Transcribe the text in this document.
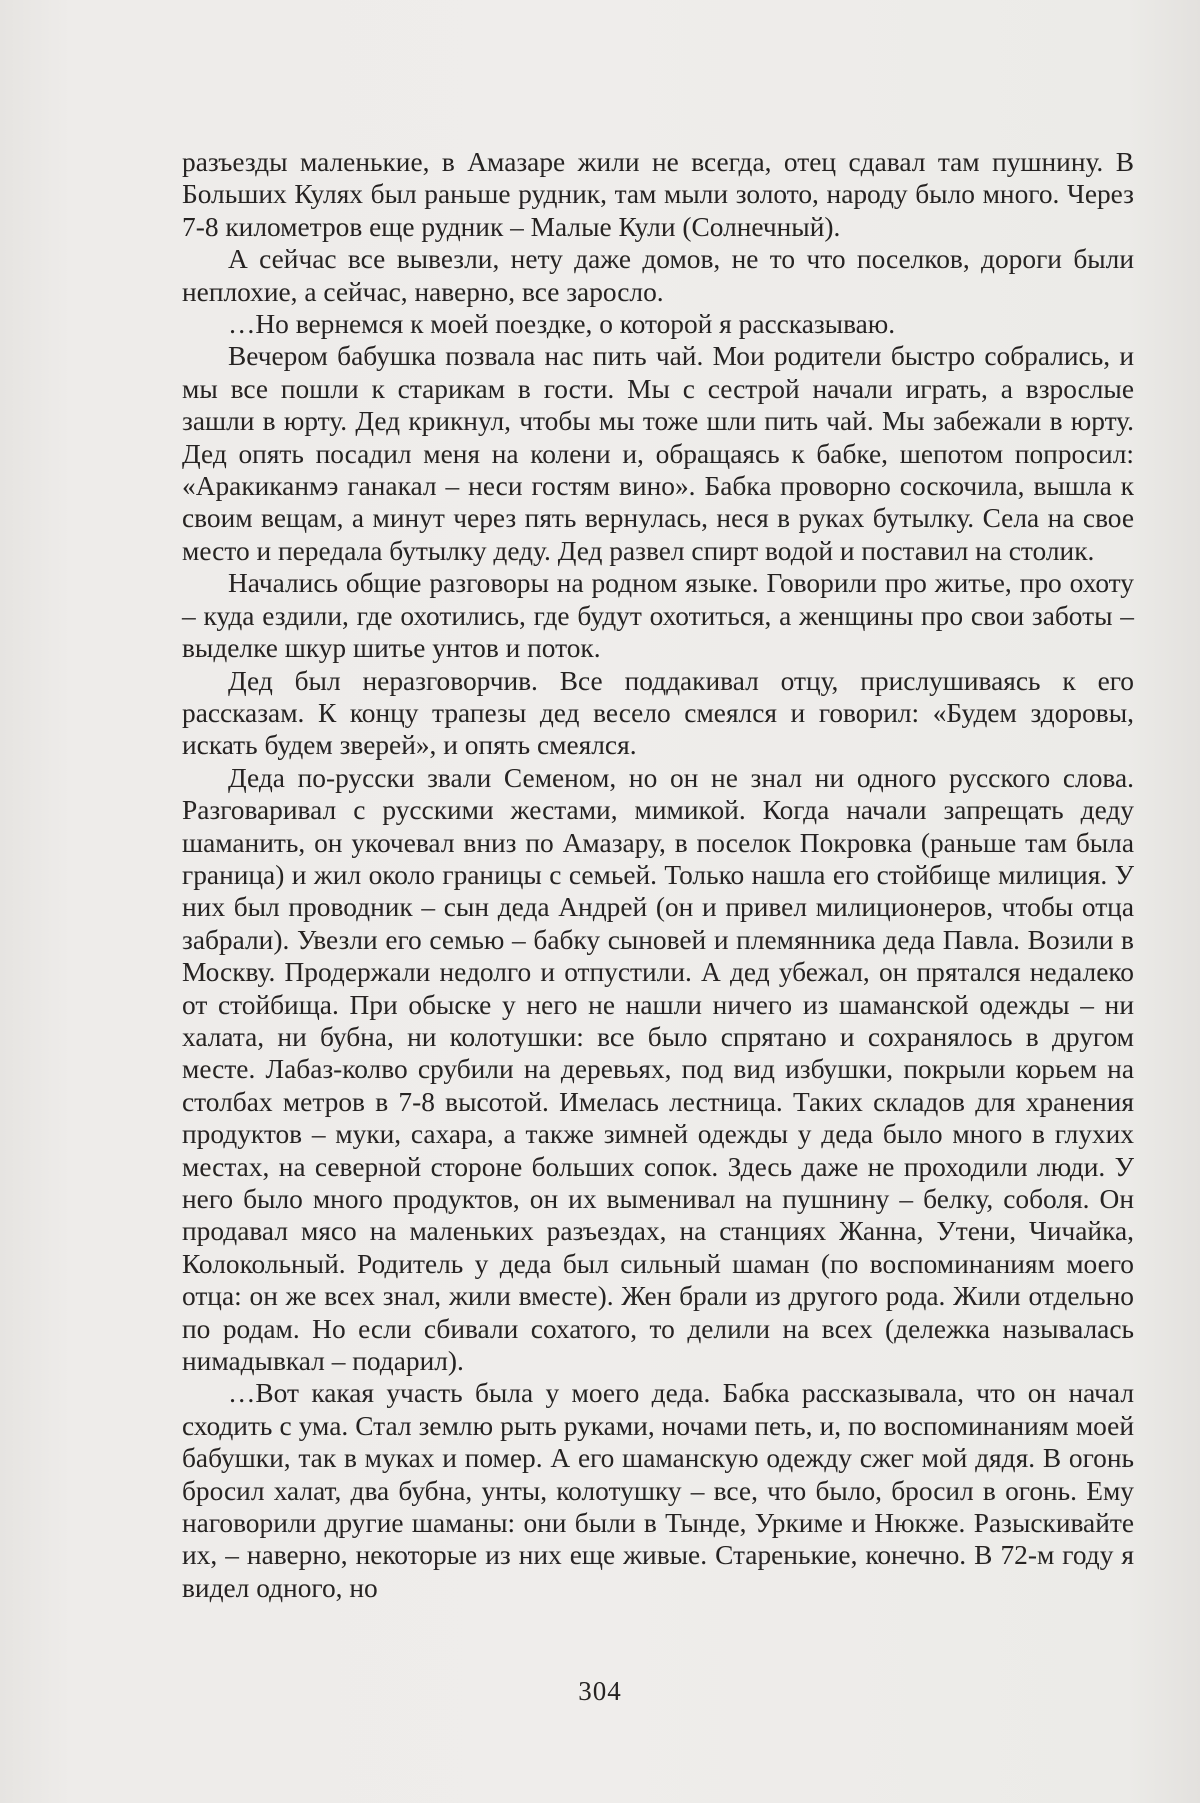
разъезды маленькие, в Амазаре жили не всегда, отец сдавал там пушнину. В Больших Кулях был раньше рудник, там мыли золото, народу было много. Через 7-8 километров еще рудник – Малые Кули (Солнечный).

А сейчас все вывезли, нету даже домов, не то что поселков, дороги были неплохие, а сейчас, наверно, все заросло.

…Но вернемся к моей поездке, о которой я рассказываю.

Вечером бабушка позвала нас пить чай. Мои родители быстро собрались, и мы все пошли к старикам в гости. Мы с сестрой начали играть, а взрослые зашли в юрту. Дед крикнул, чтобы мы тоже шли пить чай. Мы забежали в юрту. Дед опять посадил меня на колени и, обращаясь к бабке, шепотом попросил: «Аракиканмэ ганакал – неси гостям вино». Бабка проворно соскочила, вышла к своим вещам, а минут через пять вернулась, неся в руках бутылку. Села на свое место и передала бутылку деду. Дед развел спирт водой и поставил на столик.

Начались общие разговоры на родном языке. Говорили про житье, про охоту – куда ездили, где охотились, где будут охотиться, а женщины про свои заботы – выделке шкур шитье унтов и поток.

Дед был неразговорчив. Все поддакивал отцу, прислушиваясь к его рассказам. К концу трапезы дед весело смеялся и говорил: «Будем здоровы, искать будем зверей», и опять смеялся.

Деда по-русски звали Семеном, но он не знал ни одного русского слова. Разговаривал с русскими жестами, мимикой. Когда начали запрещать деду шаманить, он укочевал вниз по Амазару, в поселок Покровка (раньше там была граница) и жил около границы с семьей. Только нашла его стойбище милиция. У них был проводник – сын деда Андрей (он и привел милиционеров, чтобы отца забрали). Увезли его семью – бабку сыновей и племянника деда Павла. Возили в Москву. Продержали недолго и отпустили. А дед убежал, он прятался недалеко от стойбища. При обыске у него не нашли ничего из шаманской одежды – ни халата, ни бубна, ни колотушки: все было спрятано и сохранялось в другом месте. Лабаз-колво срубили на деревьях, под вид избушки, покрыли корьем на столбах метров в 7-8 высотой. Имелась лестница. Таких складов для хранения продуктов – муки, сахара, а также зимней одежды у деда было много в глухих местах, на северной стороне больших сопок. Здесь даже не проходили люди. У него было много продуктов, он их выменивал на пушнину – белку, соболя. Он продавал мясо на маленьких разъездах, на станциях Жанна, Утени, Чичайка, Колокольный. Родитель у деда был сильный шаман (по воспоминаниям моего отца: он же всех знал, жили вместе). Жен брали из другого рода. Жили отдельно по родам. Но если сбивали сохатого, то делили на всех (дележка называлась нимадывкал – подарил).

…Вот какая участь была у моего деда. Бабка рассказывала, что он начал сходить с ума. Стал землю рыть руками, ночами петь, и, по воспоминаниям моей бабушки, так в муках и помер. А его шаманскую одежду сжег мой дядя. В огонь бросил халат, два бубна, унты, колотушку – все, что было, бросил в огонь. Ему наговорили другие шаманы: они были в Тынде, Уркиме и Нюкже. Разыскивайте их, – наверно, некоторые из них еще живые. Старенькие, конечно. В 72-м году я видел одного, но

304
